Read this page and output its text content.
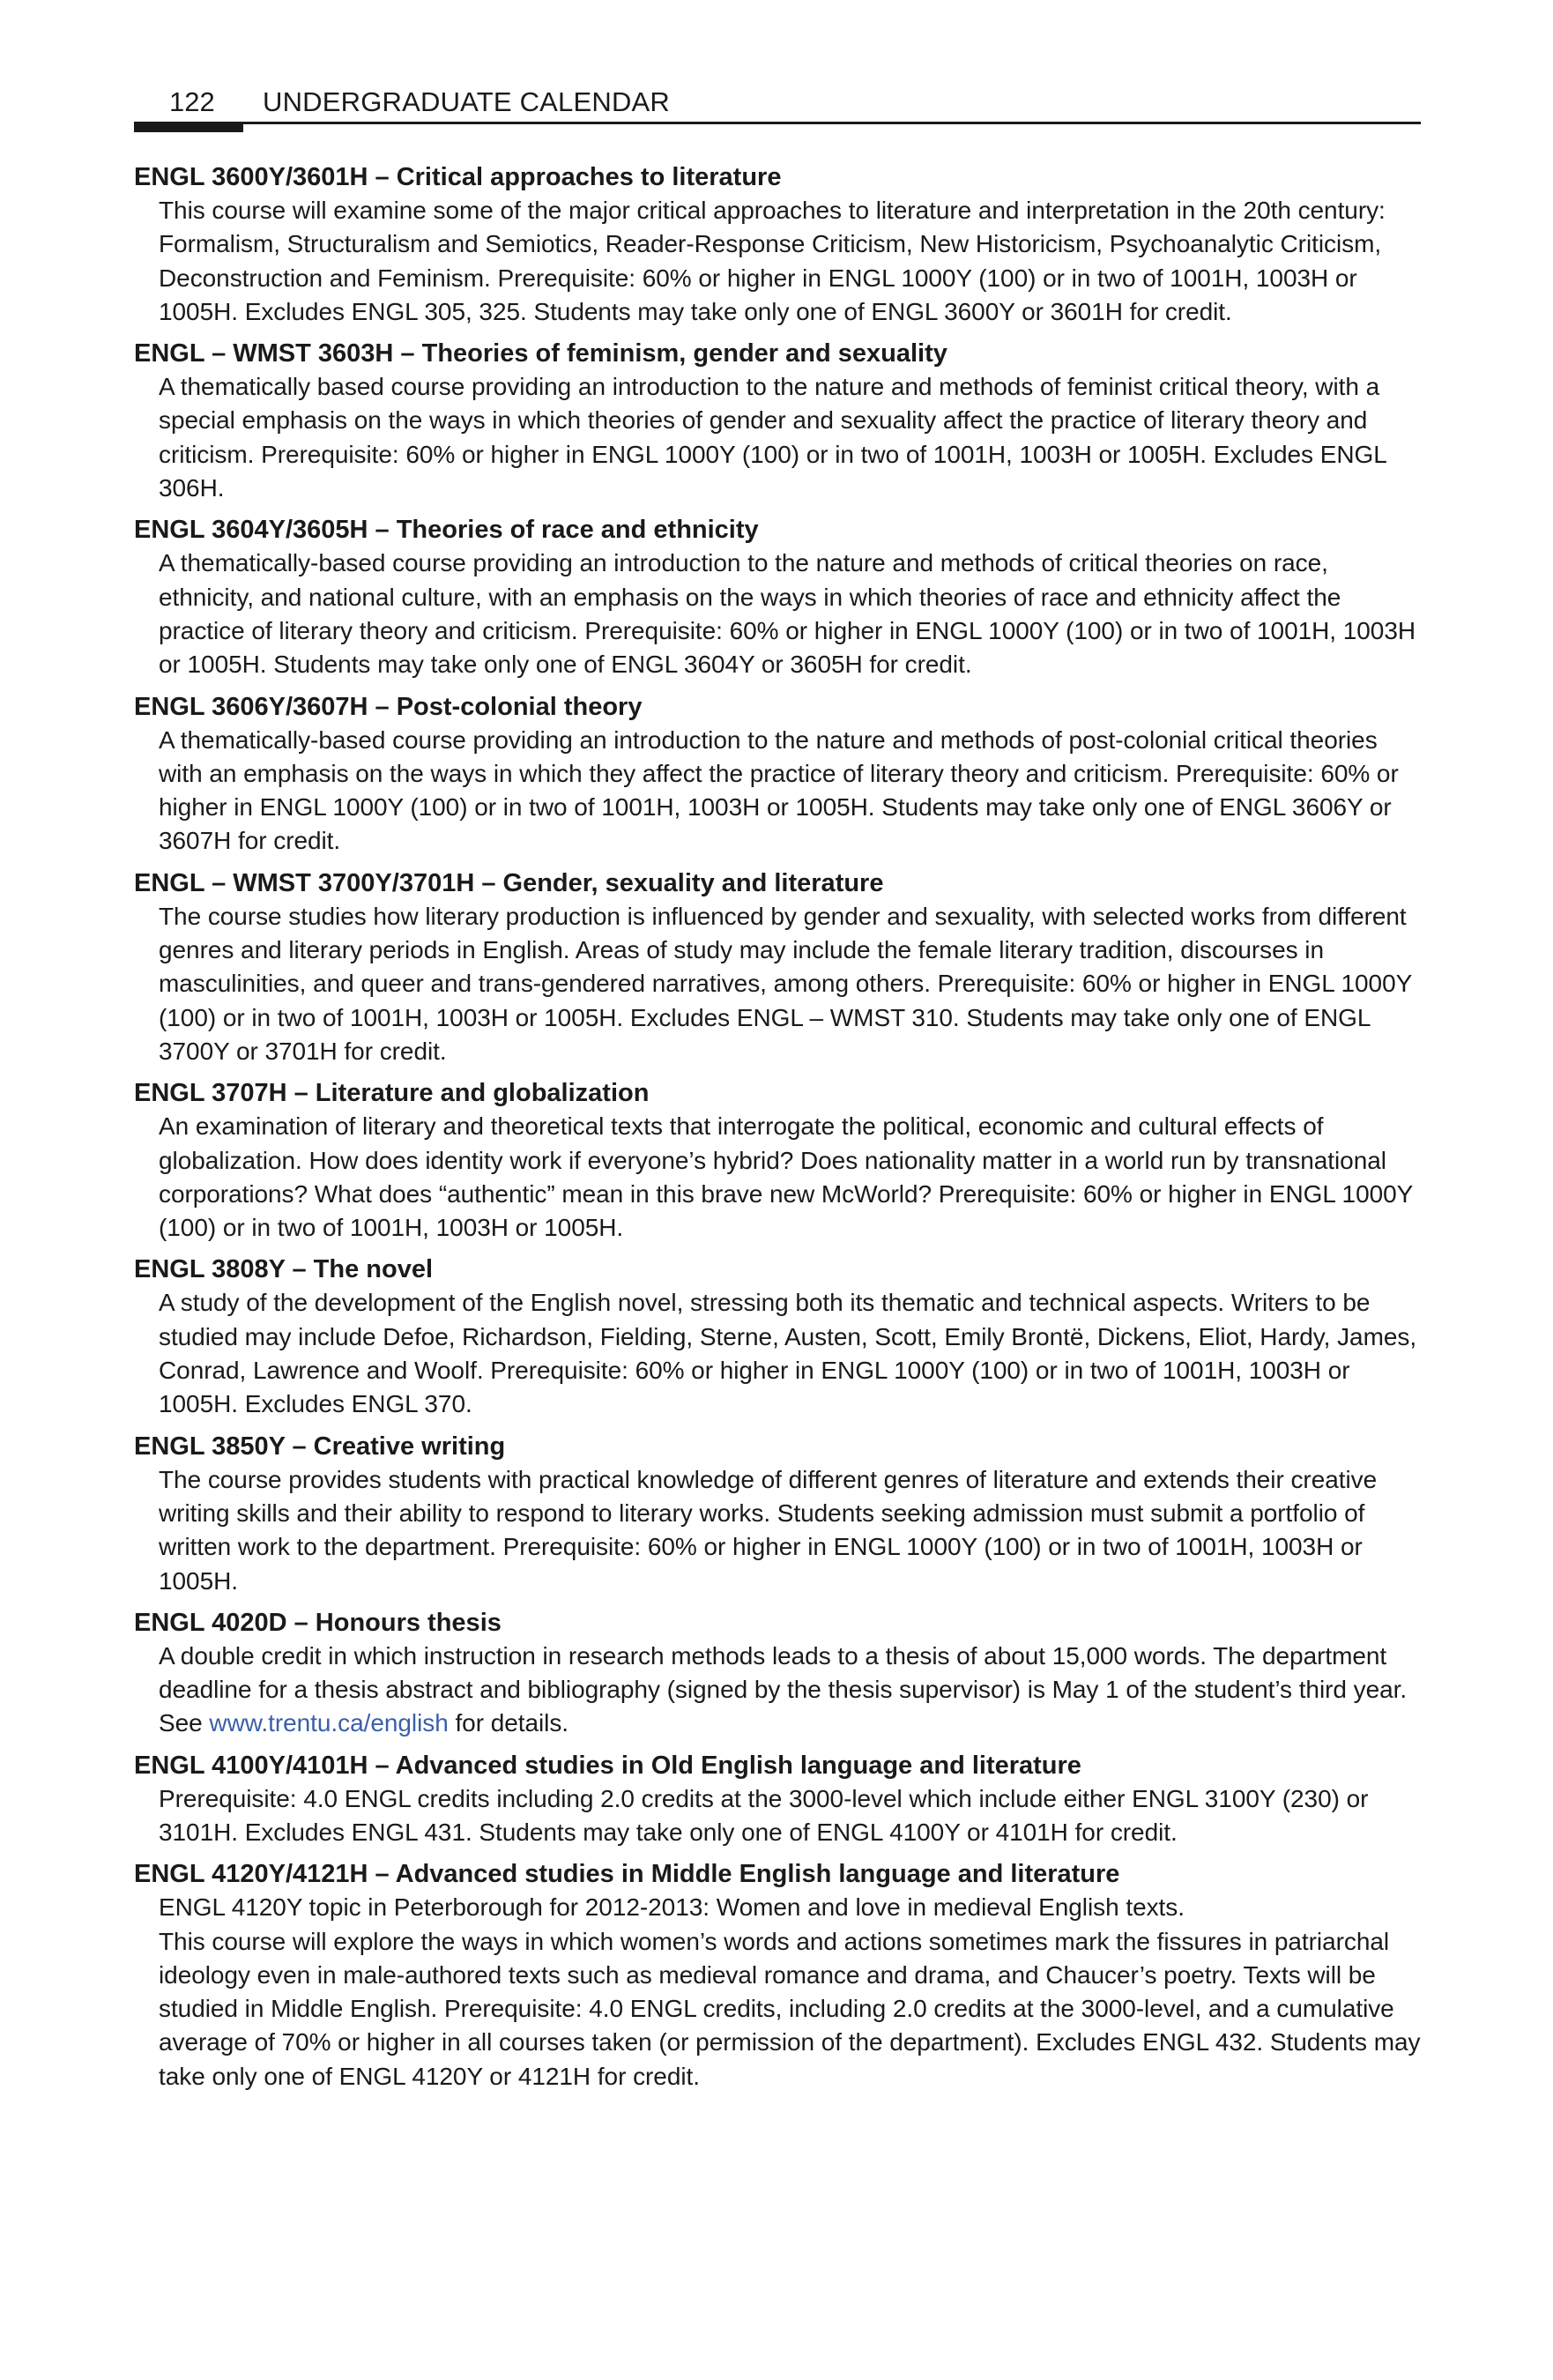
122 UNDERGRADUATE CALENDAR

ENGL 3600Y/3601H – Critical approaches to literature

This course will examine some of the major critical approaches to literature and interpretation in the 20th century: Formalism, Structuralism and Semiotics, Reader-Response Criticism, New Historicism, Psychoanalytic Criticism, Deconstruction and Feminism. Prerequisite: 60% or higher in ENGL 1000Y (100) or in two of 1001H, 1003H or 1005H. Excludes ENGL 305, 325. Students may take only one of ENGL 3600Y or 3601H for credit.

ENGL – WMST 3603H – Theories of feminism, gender and sexuality

A thematically based course providing an introduction to the nature and methods of feminist critical theory, with a special emphasis on the ways in which theories of gender and sexuality affect the practice of literary theory and criticism. Prerequisite: 60% or higher in ENGL 1000Y (100) or in two of 1001H, 1003H or 1005H. Excludes ENGL 306H.

ENGL 3604Y/3605H – Theories of race and ethnicity

A thematically-based course providing an introduction to the nature and methods of critical theories on race, ethnicity, and national culture, with an emphasis on the ways in which theories of race and ethnicity affect the practice of literary theory and criticism. Prerequisite: 60% or higher in ENGL 1000Y (100) or in two of 1001H, 1003H or 1005H. Students may take only one of ENGL 3604Y or 3605H for credit.

ENGL 3606Y/3607H – Post-colonial theory

A thematically-based course providing an introduction to the nature and methods of post-colonial critical theories with an emphasis on the ways in which they affect the practice of literary theory and criticism. Prerequisite: 60% or higher in ENGL 1000Y (100) or in two of 1001H, 1003H or 1005H. Students may take only one of ENGL 3606Y or 3607H for credit.

ENGL – WMST 3700Y/3701H – Gender, sexuality and literature

The course studies how literary production is influenced by gender and sexuality, with selected works from different genres and literary periods in English. Areas of study may include the female literary tradition, discourses in masculinities, and queer and trans-gendered narratives, among others. Prerequisite: 60% or higher in ENGL 1000Y (100) or in two of 1001H, 1003H or 1005H. Excludes ENGL – WMST 310. Students may take only one of ENGL 3700Y or 3701H for credit.

ENGL 3707H – Literature and globalization

An examination of literary and theoretical texts that interrogate the political, economic and cultural effects of globalization. How does identity work if everyone’s hybrid? Does nationality matter in a world run by transnational corporations? What does “authentic” mean in this brave new McWorld? Prerequisite: 60% or higher in ENGL 1000Y (100) or in two of 1001H, 1003H or 1005H.

ENGL 3808Y – The novel

A study of the development of the English novel, stressing both its thematic and technical aspects. Writers to be studied may include Defoe, Richardson, Fielding, Sterne, Austen, Scott, Emily Brontë, Dickens, Eliot, Hardy, James, Conrad, Lawrence and Woolf. Prerequisite: 60% or higher in ENGL 1000Y (100) or in two of 1001H, 1003H or 1005H. Excludes ENGL 370.

ENGL 3850Y – Creative writing

The course provides students with practical knowledge of different genres of literature and extends their creative writing skills and their ability to respond to literary works. Students seeking admission must submit a portfolio of written work to the department. Prerequisite: 60% or higher in ENGL 1000Y (100) or in two of 1001H, 1003H or 1005H.

ENGL 4020D – Honours thesis

A double credit in which instruction in research methods leads to a thesis of about 15,000 words. The department deadline for a thesis abstract and bibliography (signed by the thesis supervisor) is May 1 of the student’s third year. See www.trentu.ca/english for details.

ENGL 4100Y/4101H – Advanced studies in Old English language and literature

Prerequisite: 4.0 ENGL credits including 2.0 credits at the 3000-level which include either ENGL 3100Y (230) or 3101H. Excludes ENGL 431. Students may take only one of ENGL 4100Y or 4101H for credit.

ENGL 4120Y/4121H – Advanced studies in Middle English language and literature

ENGL 4120Y topic in Peterborough for 2012-2013: Women and love in medieval English texts.

This course will explore the ways in which women’s words and actions sometimes mark the fissures in patriarchal ideology even in male-authored texts such as medieval romance and drama, and Chaucer’s poetry. Texts will be studied in Middle English. Prerequisite: 4.0 ENGL credits, including 2.0 credits at the 3000-level, and a cumulative average of 70% or higher in all courses taken (or permission of the department). Excludes ENGL 432. Students may take only one of ENGL 4120Y or 4121H for credit.
